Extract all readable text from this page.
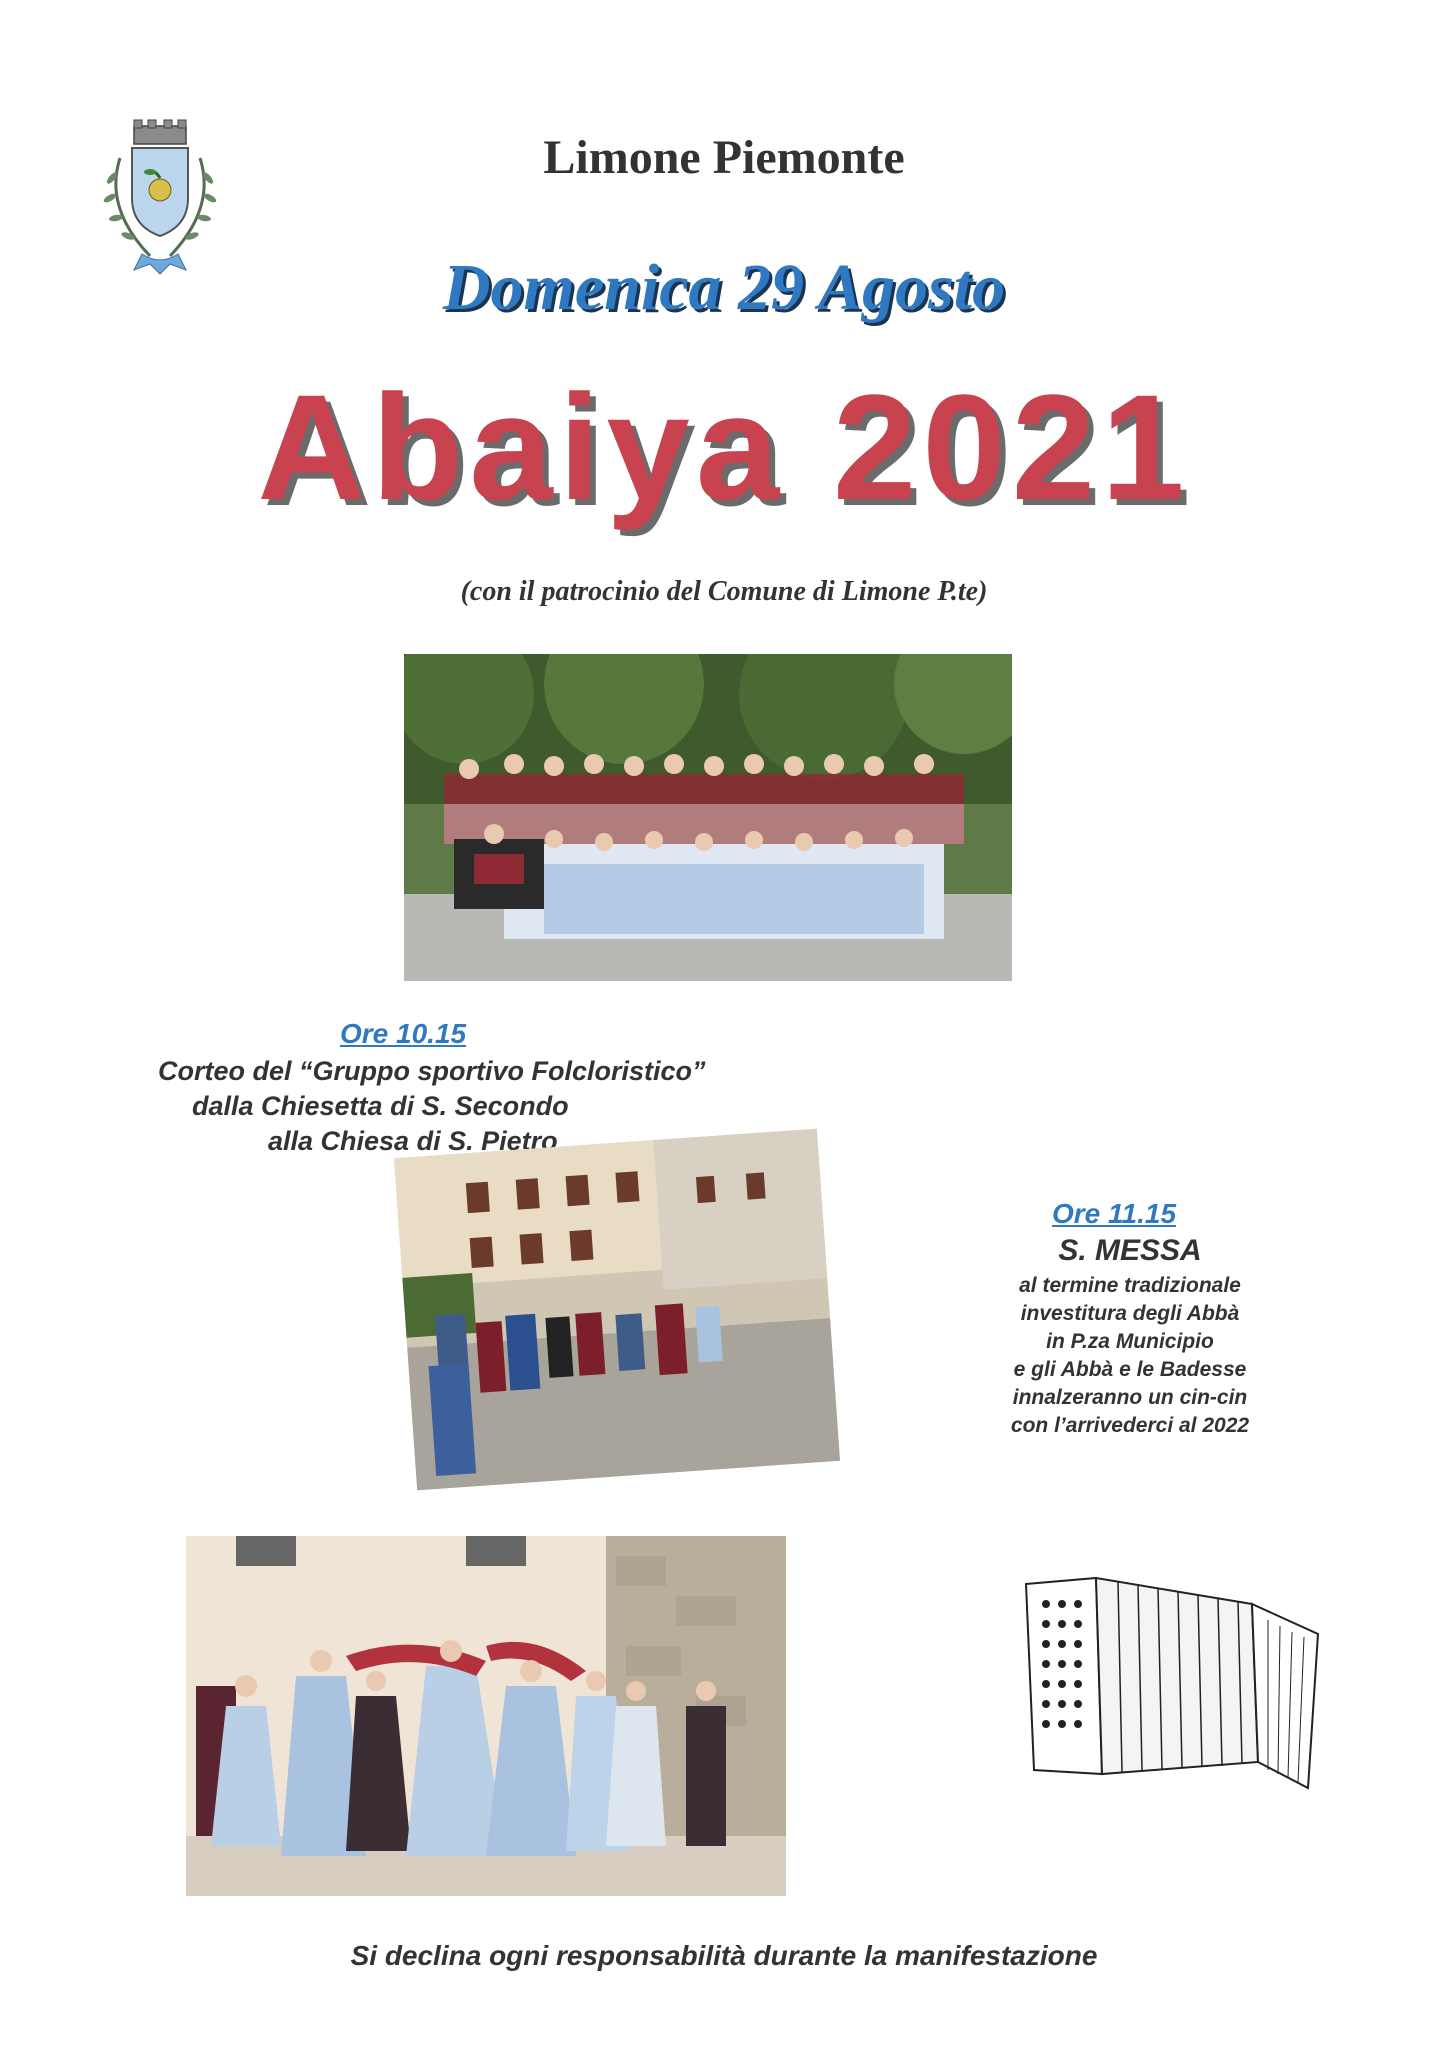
Limone Piemonte
Domenica 29 Agosto
Abaiya 2021
(con il patrocinio del Comune di Limone P.te)
Ore 10.15
Corteo del “Gruppo sportivo Folcloristico”
dalla Chiesetta di S. Secondo
alla Chiesa di S. Pietro
Ore 11.15
S. MESSA
al termine tradizionale
investitura degli Abbà
in P.za Municipio
e gli Abbà e le Badesse
innalzeranno un cin-cin
con l’arrivederci al 2022
Si declina ogni responsabilità durante la manifestazione
